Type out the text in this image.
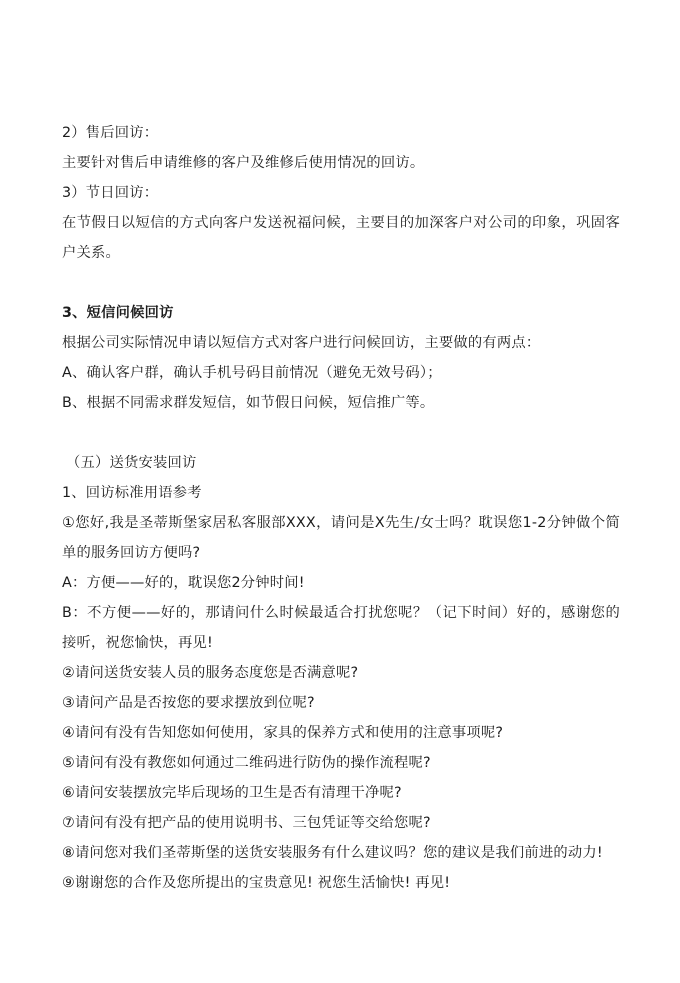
2）售后回访：

主要针对售后申请维修的客户及维修后使用情况的回访。

3）节日回访：

在节假日以短信的方式向客户发送祝福问候，主要目的加深客户对公司的印象，巩固客户关系。

3、短信问候回访

根据公司实际情况申请以短信方式对客户进行问候回访，主要做的有两点：

A、确认客户群，确认手机号码目前情况（避免无效号码）；

B、根据不同需求群发短信，如节假日问候，短信推广等。

（五）送货安装回访

1、回访标准用语参考

①您好,我是圣蒂斯堡家居私客服部XXX，请问是X先生/女士吗？耽误您1-2分钟做个简单的服务回访方便吗?

A：方便——好的，耽误您2分钟时间!

B：不方便——好的，那请问什么时候最适合打扰您呢？（记下时间）好的，感谢您的接听，祝您愉快，再见!

②请问送货安装人员的服务态度您是否满意呢?

③请问产品是否按您的要求摆放到位呢?

④请问有没有告知您如何使用，家具的保养方式和使用的注意事项呢?

⑤请问有没有教您如何通过二维码进行防伪的操作流程呢?

⑥请问安装摆放完毕后现场的卫生是否有清理干净呢?

⑦请问有没有把产品的使用说明书、三包凭证等交给您呢?

⑧请问您对我们圣蒂斯堡的送货安装服务有什么建议吗？您的建议是我们前进的动力!

⑨谢谢您的合作及您所提出的宝贵意见! 祝您生活愉快! 再见!
